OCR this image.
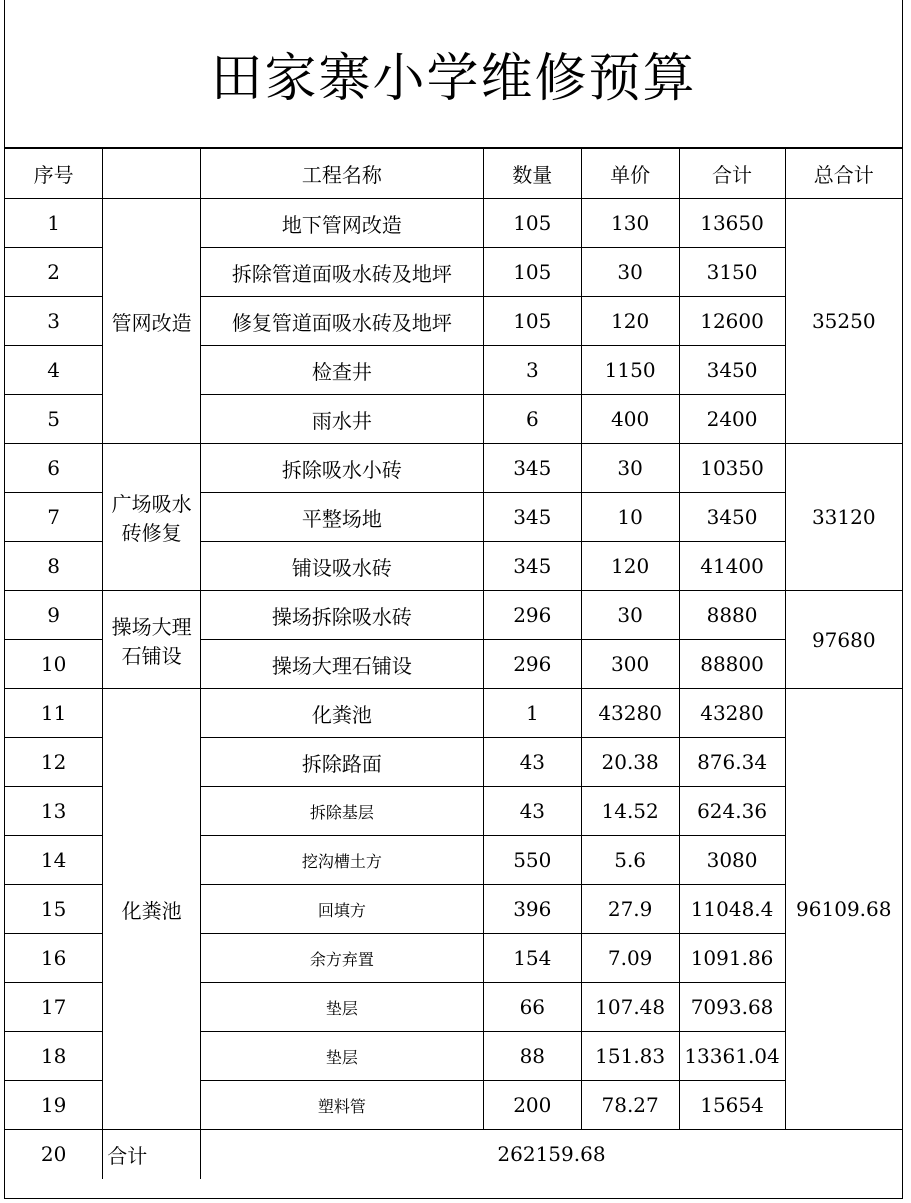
田家寨小学维修预算
序号		工程名称	数量	单价	合计	总合计
1	管网改造	地下管网改造	105	130	13650	35250
2		拆除管道面吸水砖及地坪	105	30	3150	
3		修复管道面吸水砖及地坪	105	120	12600	
4		检查井	3	1150	3450	
5		雨水井	6	400	2400	
6	广场吸水砖修复	拆除吸水小砖	345	30	10350	33120
7		平整场地	345	10	3450	
8		铺设吸水砖	345	120	41400	
9	操场大理石铺设	操场拆除吸水砖	296	30	8880	97680
10		操场大理石铺设	296	300	88800	
11	化粪池	化粪池	1	43280	43280	96109.68
12		拆除路面	43	20.38	876.34	
13		拆除基层	43	14.52	624.36	
14		挖沟槽土方	550	5.6	3080	
15		回填方	396	27.9	11048.4	
16		余方弃置	154	7.09	1091.86	
17		垫层	66	107.48	7093.68	
18		垫层	88	151.83	13361.04	
19		塑料管	200	78.27	15654	
20	合计	262159.68				
